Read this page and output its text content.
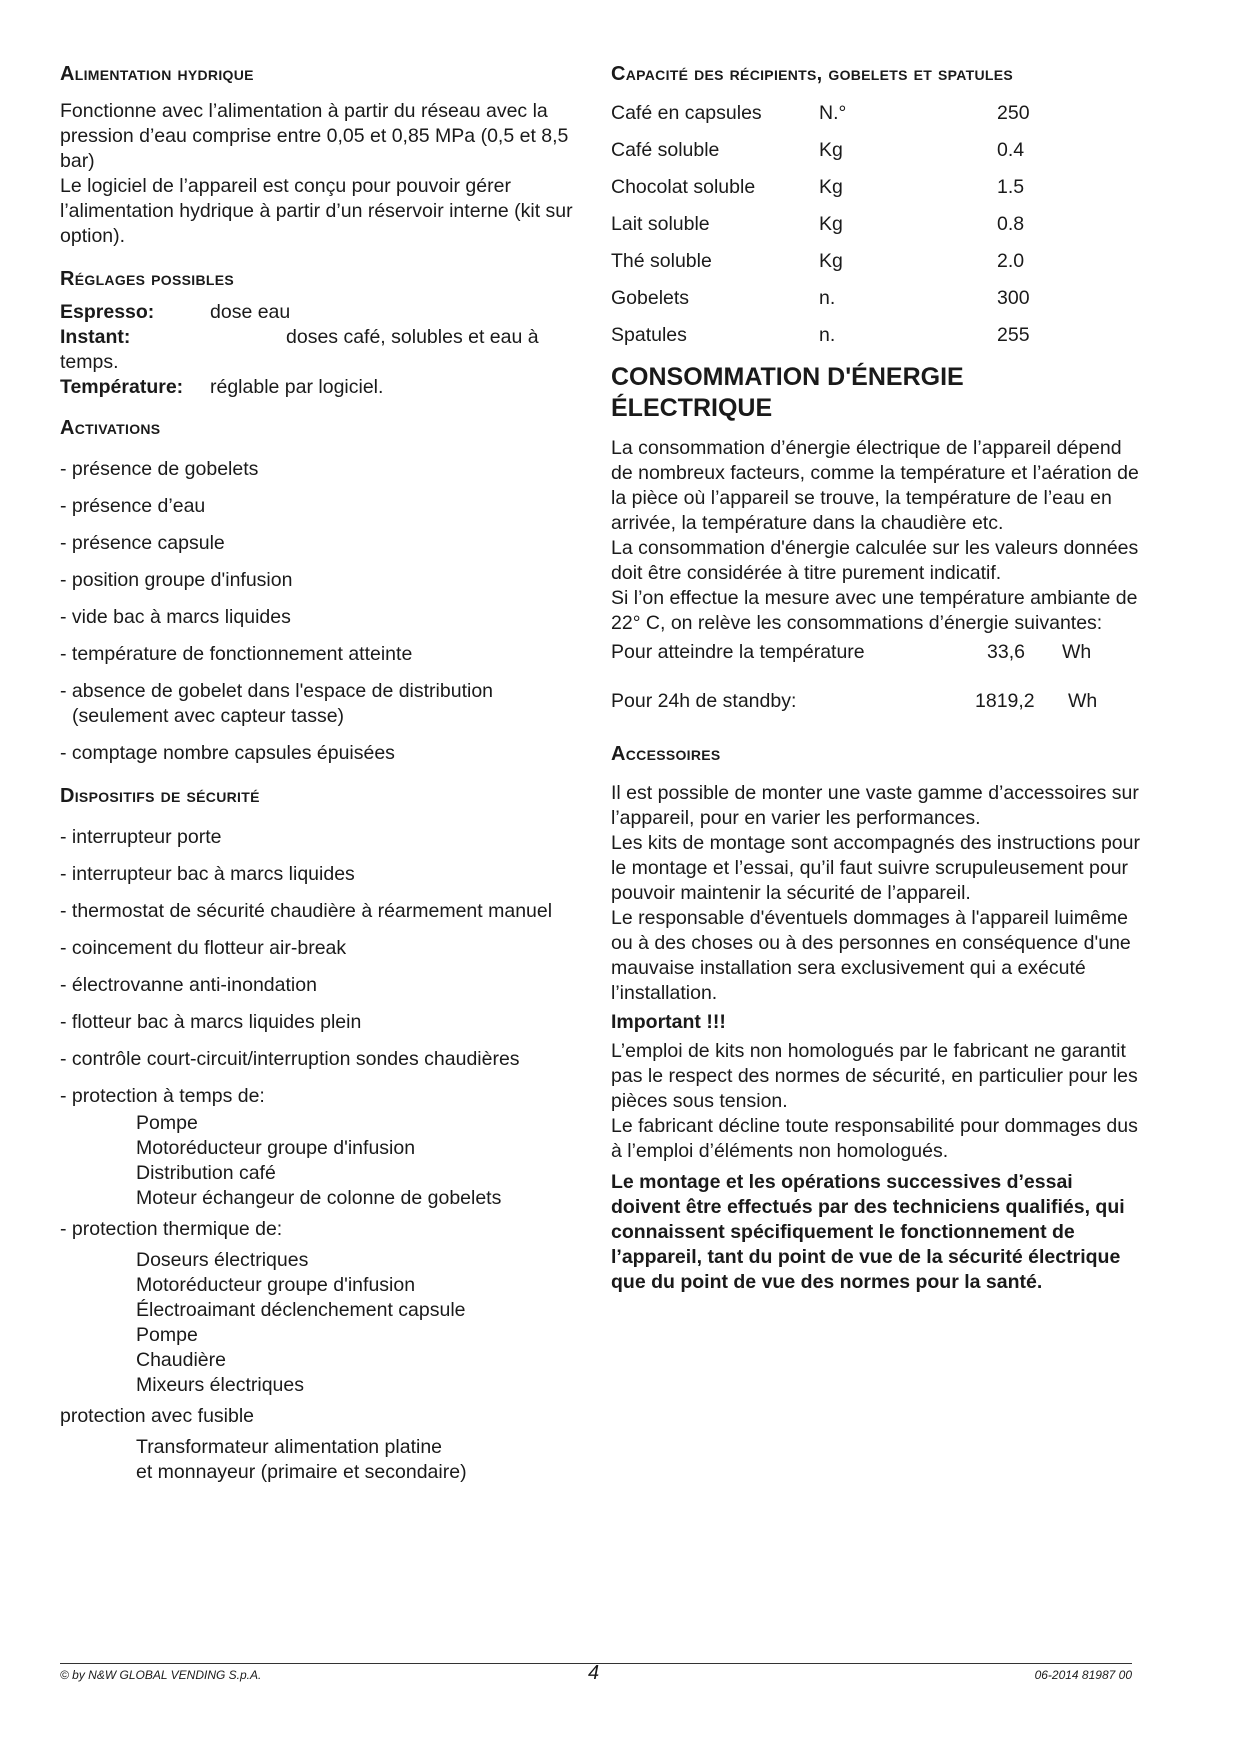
Alimentation hydrique

Fonctionne avec l’alimentation à partir du réseau avec la pression d’eau comprise entre 0,05 et 0,85 MPa (0,5 et 8,5 bar)

Le logiciel de l’appareil est conçu pour pouvoir gérer l’alimentation hydrique à partir d’un réservoir interne (kit sur option).

Réglages possibles
Espresso:	dose eau
Instant:	doses café, solubles et eau à
temps.
Température: réglable par logiciel.
Activations
- présence de gobelets
- présence d’eau
- présence capsule
- position groupe d'infusion
- vide bac à marcs liquides
- température de fonctionnement atteinte
- absence de gobelet dans l'espace de distribution (seulement avec capteur tasse)
- comptage nombre capsules épuisées
Dispositifs de sécurité
- interrupteur porte
- interrupteur bac à marcs liquides
- thermostat de sécurité chaudière à réarmement manuel
- coincement du flotteur air-break
- électrovanne anti-inondation
- flotteur bac à marcs liquides plein
- contrôle court-circuit/interruption sondes chaudières
- protection à temps de:
Pompe
Motoréducteur groupe d'infusion
Distribution café
Moteur échangeur de colonne de gobelets
- protection thermique de:
Doseurs électriques
Motoréducteur groupe d'infusion
Électroaimant déclenchement capsule
Pompe
Chaudière
Mixeurs électriques
protection avec fusible
Transformateur alimentation platine
et monnayeur (primaire et secondaire)
Capacité des récipients, gobelets et spatules
Café en capsules	N.°	250
Café soluble	Kg	0.4
Chocolat soluble	Kg	1.5
Lait soluble	Kg	0.8
Thé soluble	Kg	2.0
Gobelets	n.	300
Spatules	n.	255
CONSOMMATION D'ÉNERGIE
ÉLECTRIQUE

La consommation d’énergie électrique de l’appareil dépend de nombreux facteurs, comme la température et l’aération de la pièce où l’appareil se trouve, la température de l’eau en arrivée, la température dans la chaudière etc.

La consommation d'énergie calculée sur les valeurs données doit être considérée à titre purement indicatif.

Si l’on effectue la mesure avec une température ambiante de 22° C, on relève les consommations d’énergie suivantes:

Pour atteindre la température	33,6 Wh
Pour 24h de standby:	1819,2 Wh
Accessoires

Il est possible de monter une vaste gamme d’accessoires sur l’appareil, pour en varier les performances.

Les kits de montage sont accompagnés des instructions pour le montage et l’essai, qu’il faut suivre scrupuleusement pour pouvoir maintenir la sécurité de l’appareil.

Le responsable d'éventuels dommages à l'appareil luimême ou à des choses ou à des personnes en conséquence d'une mauvaise installation sera exclusivement qui a exécuté l’installation.

Important !!!

L’emploi de kits non homologués par le fabricant ne garantit pas le respect des normes de sécurité, en particulier pour les pièces sous tension.

Le fabricant décline toute responsabilité pour dommages dus à l’emploi d’éléments non homologués.

Le montage et les opérations successives d’essai doivent être effectués par des techniciens qualifiés, qui connaissent spécifiquement le fonctionnement de l’appareil, tant du point de vue de la sécurité électrique que du point de vue des normes pour la santé.

© by N&W GLOBAL VENDING S.p.A.	4	06-2014 81987 00
